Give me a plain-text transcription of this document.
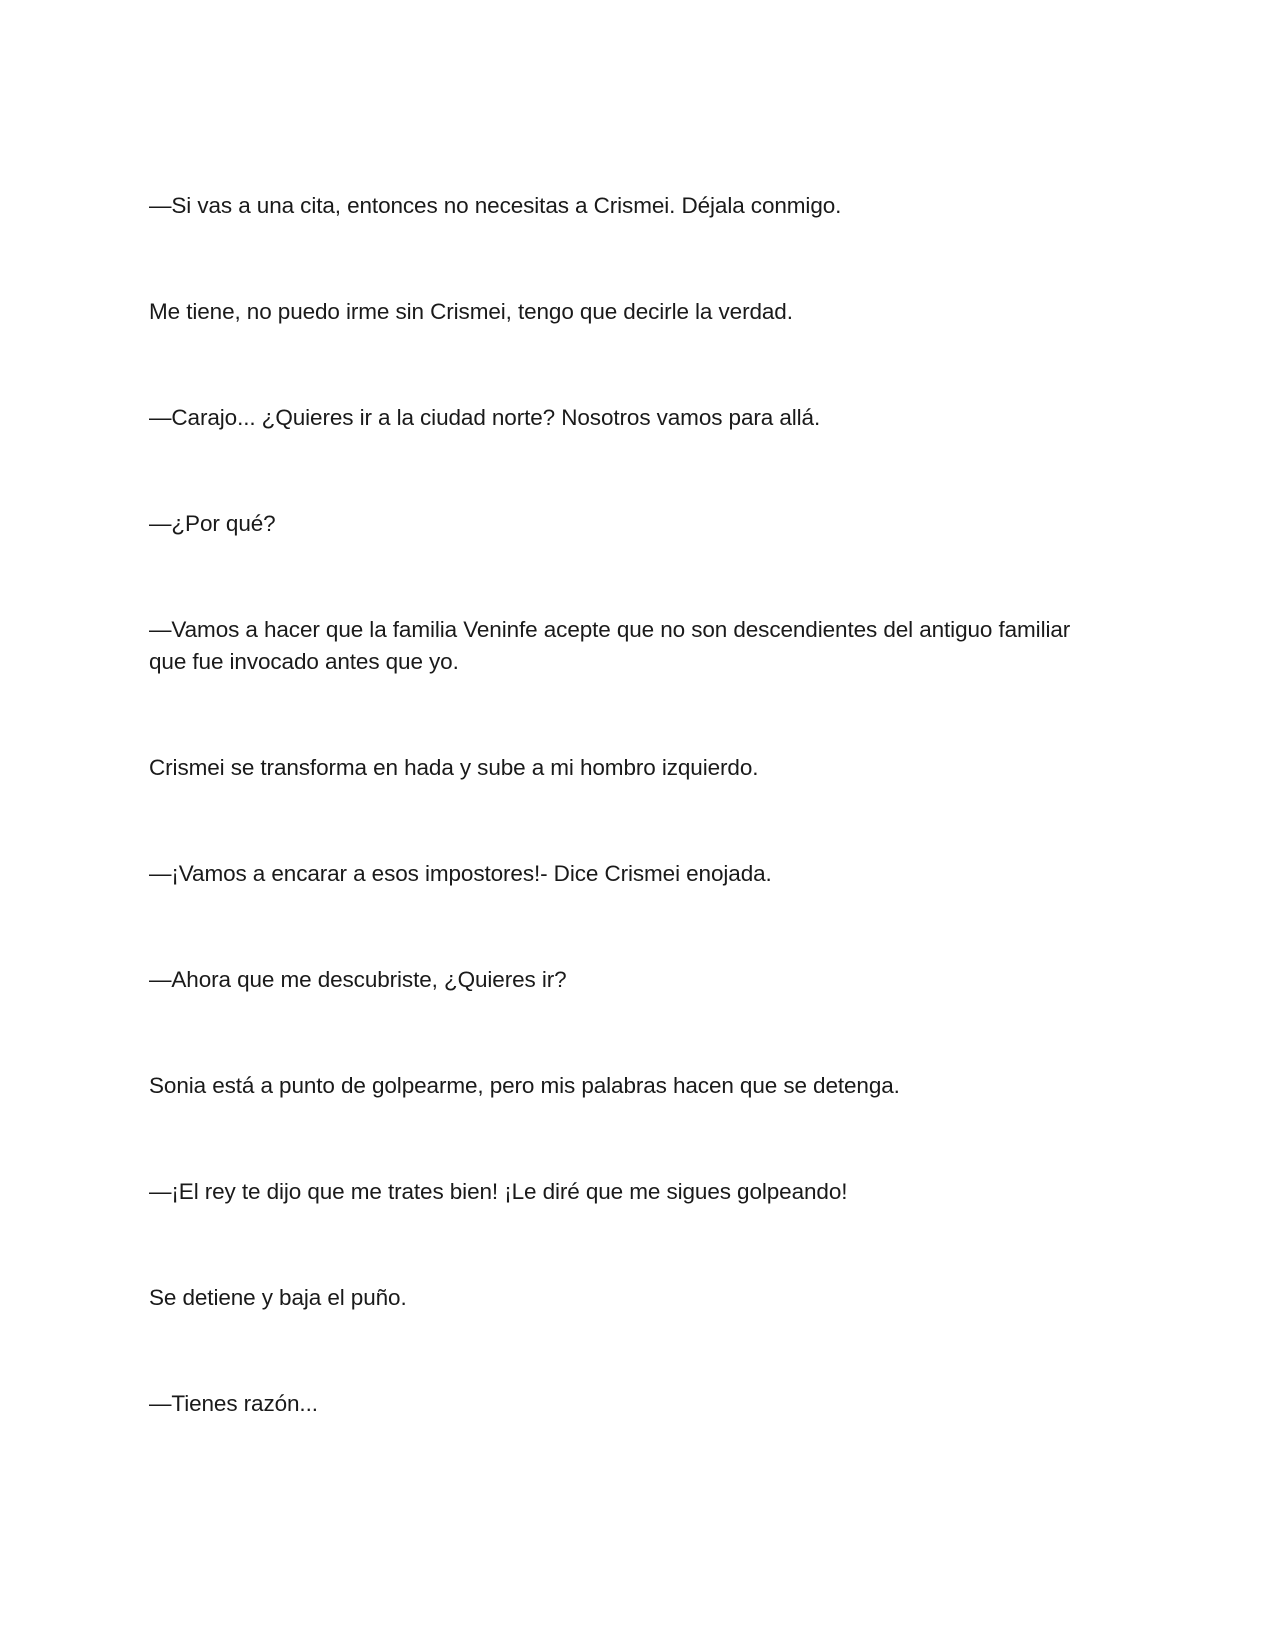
—Si vas a una cita, entonces no necesitas a Crismei. Déjala conmigo.

Me tiene, no puedo irme sin Crismei, tengo que decirle la verdad.

—Carajo... ¿Quieres ir a la ciudad norte? Nosotros vamos para allá.

—¿Por qué?

—Vamos a hacer que la familia Veninfe acepte que no son descendientes del antiguo familiar que fue invocado antes que yo.

Crismei se transforma en hada y sube a mi hombro izquierdo.

—¡Vamos a encarar a esos impostores!- Dice Crismei enojada.

—Ahora que me descubriste, ¿Quieres ir?

Sonia está a punto de golpearme, pero mis palabras hacen que se detenga.

—¡El rey te dijo que me trates bien! ¡Le diré que me sigues golpeando!

Se detiene y baja el puño.

—Tienes razón...
